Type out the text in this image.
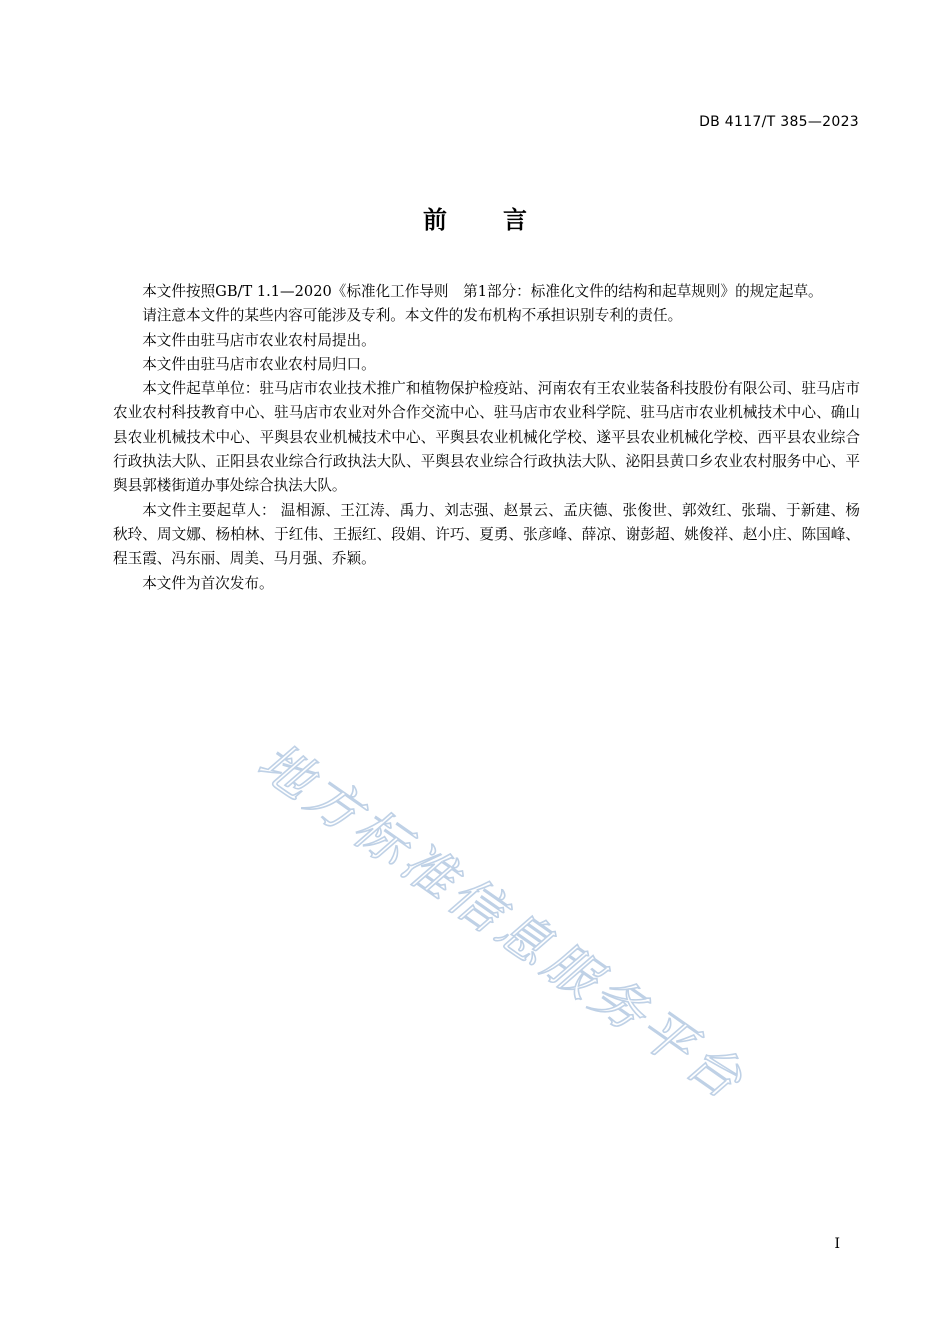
DB 4117/T 385—2023
前 言

本文件按照GB/T 1.1—2020《标准化工作导则　第1部分：标准化文件的结构和起草规则》的规定起草。

请注意本文件的某些内容可能涉及专利。本文件的发布机构不承担识别专利的责任。

本文件由驻马店市农业农村局提出。

本文件由驻马店市农业农村局归口。

本文件起草单位：驻马店市农业技术推广和植物保护检疫站、河南农有王农业装备科技股份有限公司、驻马店市农业农村科技教育中心、驻马店市农业对外合作交流中心、驻马店市农业科学院、驻马店市农业机械技术中心、确山县农业机械技术中心、平舆县农业机械技术中心、平舆县农业机械化学校、遂平县农业机械化学校、西平县农业综合行政执法大队、正阳县农业综合行政执法大队、平舆县农业综合行政执法大队、泌阳县黄口乡农业农村服务中心、平舆县郭楼街道办事处综合执法大队。

本文件主要起草人： 温相源、王江涛、禹力、刘志强、赵景云、孟庆德、张俊世、郭效红、张瑞、于新建、杨秋玲、周文娜、杨柏林、于红伟、王振红、段娟、许巧、夏勇、张彦峰、薛凉、谢彭超、姚俊祥、赵小庄、陈国峰、程玉霞、冯东丽、周美、马月强、乔颖。

本文件为首次发布。

地方标准信息服务平台
I
